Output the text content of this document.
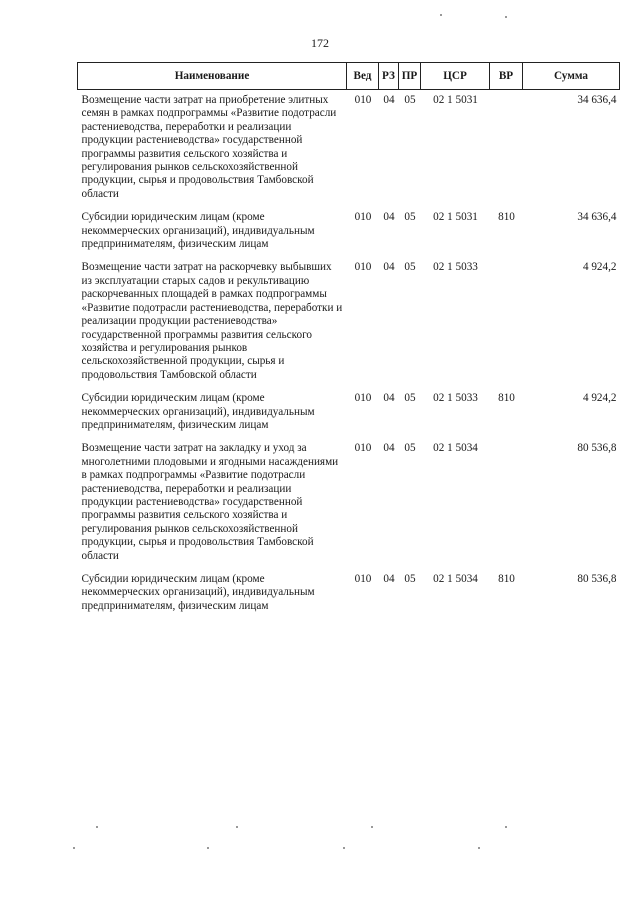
172
Наименование	Вед	РЗ	ПР	ЦСР	ВР	Сумма
Возмещение части затрат на приобретение элитных семян в рамках подпрограммы «Развитие подотрасли растениеводства, переработки и реализации продукции растениеводства» государственной программы развития сельского хозяйства и регулирования рынков сельскохозяйственной продукции, сырья и продовольствия Тамбовской области	010	04	05	02 1 5031		34 636,4
Субсидии юридическим лицам (кроме некоммерческих организаций), индивидуальным предпринимателям, физическим лицам	010	04	05	02 1 5031	810	34 636,4
Возмещение части затрат на раскорчевку выбывших из эксплуатации старых садов и рекультивацию раскорчеванных площадей в рамках подпрограммы «Развитие подотрасли растениеводства, переработки и реализации продукции растениеводства» государственной программы развития сельского хозяйства и регулирования рынков сельскохозяйственной продукции, сырья и продовольствия Тамбовской области	010	04	05	02 1 5033		4 924,2
Субсидии юридическим лицам (кроме некоммерческих организаций), индивидуальным предпринимателям, физическим лицам	010	04	05	02 1 5033	810	4 924,2
Возмещение части затрат на закладку и уход за многолетними плодовыми и ягодными насаждениями в рамках подпрограммы «Развитие подотрасли растениеводства, переработки и реализации продукции растениеводства» государственной программы развития сельского хозяйства и регулирования рынков сельскохозяйственной продукции, сырья и продовольствия Тамбовской области	010	04	05	02 1 5034		80 536,8
Субсидии юридическим лицам (кроме некоммерческих организаций), индивидуальным предпринимателям, физическим лицам	010	04	05	02 1 5034	810	80 536,8
